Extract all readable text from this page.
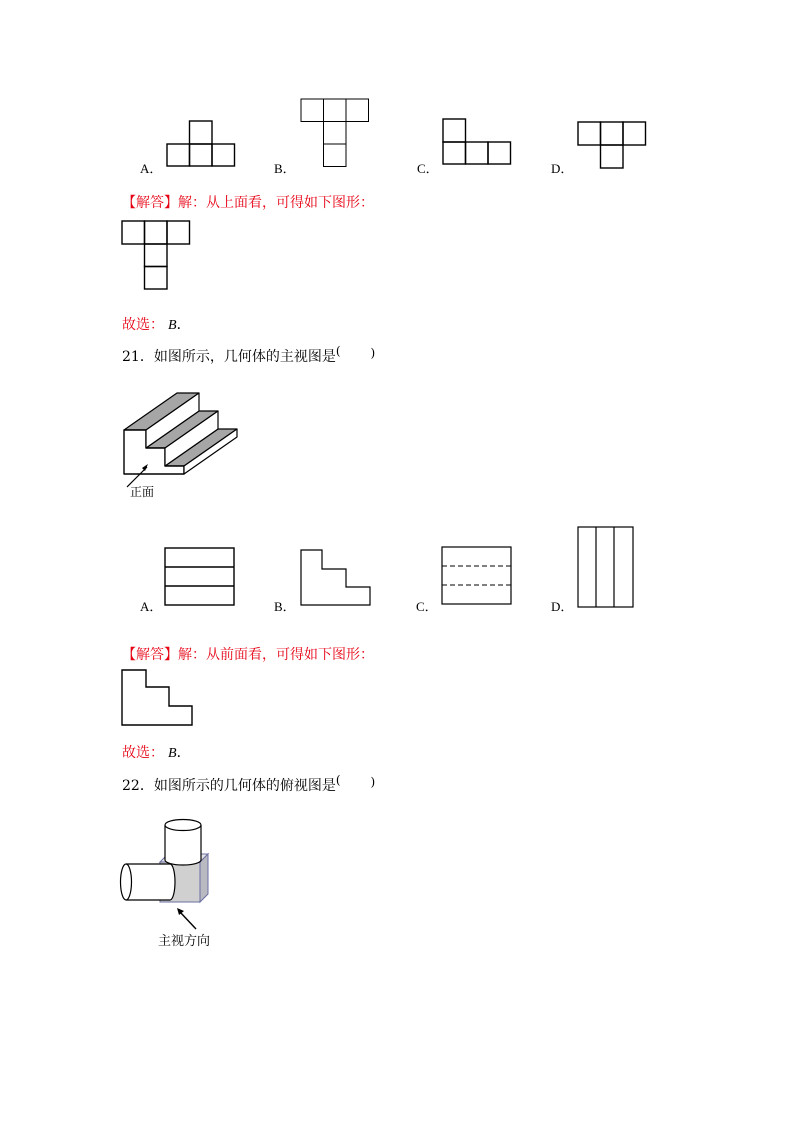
A．	B．	C．	D．
【解答】解：从上面看，可得如下图形：
故选： B．
21．如图所示，几何体的主视图是(	)
正面
A．	B．	C．	D．
【解答】解：从前面看，可得如下图形：
故选： B．
22．如图所示的几何体的俯视图是(	)
主视方向
